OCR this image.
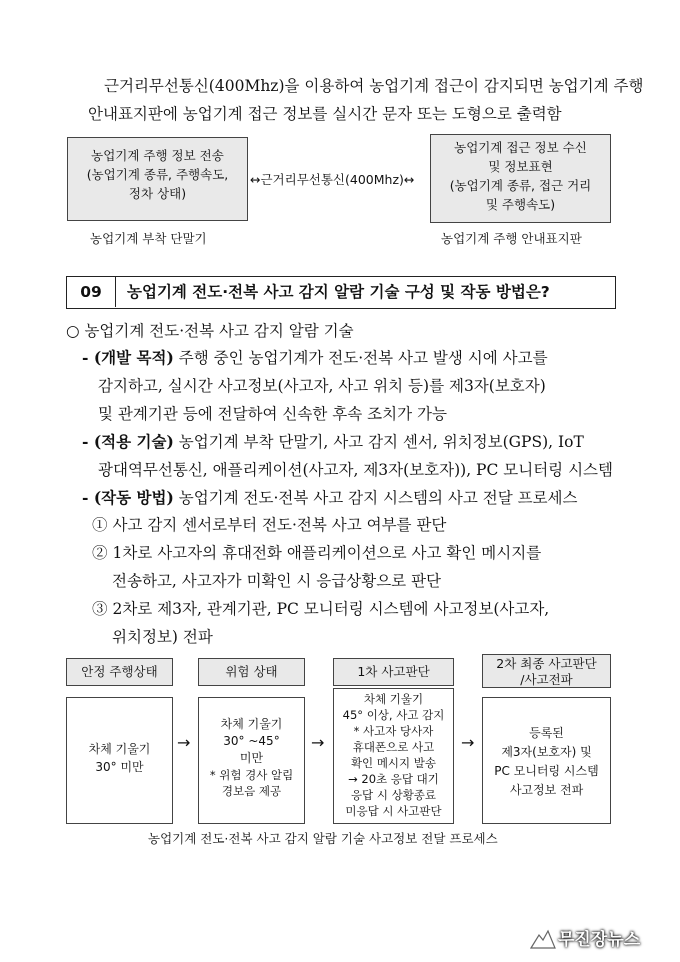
근거리무선통신(400Mhz)을 이용하여 농업기계 접근이 감지되면 농업기계 주행
안내표지판에 농업기계 접근 정보를 실시간 문자 또는 도형으로 출력함
농업기계 주행 정보 전송
(농업기계 종류, 주행속도,
정차 상태)
↔근거리무선통신(400Mhz)↔
농업기계 접근 정보 수신
및 정보표현
(농업기계 종류, 접근 거리
및 주행속도)
농업기계 부착 단말기	농업기계 주행 안내표지판
09	농업기계 전도·전복 사고 감지 알람 기술 구성 및 작동 방법은?
○ 농업기계 전도·전복 사고 감지 알람 기술
- (개발 목적) 주행 중인 농업기계가 전도·전복 사고 발생 시에 사고를
감지하고, 실시간 사고정보(사고자, 사고 위치 등)를 제3자(보호자)
및 관계기관 등에 전달하여 신속한 후속 조치가 가능
- (적용 기술) 농업기계 부착 단말기, 사고 감지 센서, 위치정보(GPS), IoT
광대역무선통신, 애플리케이션(사고자, 제3자(보호자)), PC 모니터링 시스템
- (작동 방법) 농업기계 전도·전복 사고 감지 시스템의 사고 전달 프로세스
① 사고 감지 센서로부터 전도·전복 사고 여부를 판단
② 1차로 사고자의 휴대전화 애플리케이션으로 사고 확인 메시지를
전송하고, 사고자가 미확인 시 응급상황으로 판단
③ 2차로 제3자, 관계기관, PC 모니터링 시스템에 사고정보(사고자,
위치정보) 전파
안정 주행상태	위험 상태	1차 사고판단
2차 최종 사고판단
/사고전파
차체 기울기
30° 미만
차체 기울기
30° ~45°
미만
* 위험 경사 알림
경보음 제공
차체 기울기
45° 이상, 사고 감지
* 사고자 당사자
휴대폰으로 사고
확인 메시지 발송
→ 20초 응답 대기
응답 시 상황종료
미응답 시 사고판단
등록된
제3자(보호자) 및
PC 모니터링 시스템
사고정보 전파
→	→	→
농업기계 전도·전복 사고 감지 알람 기술 사고정보 전달 프로세스
무진장뉴스
